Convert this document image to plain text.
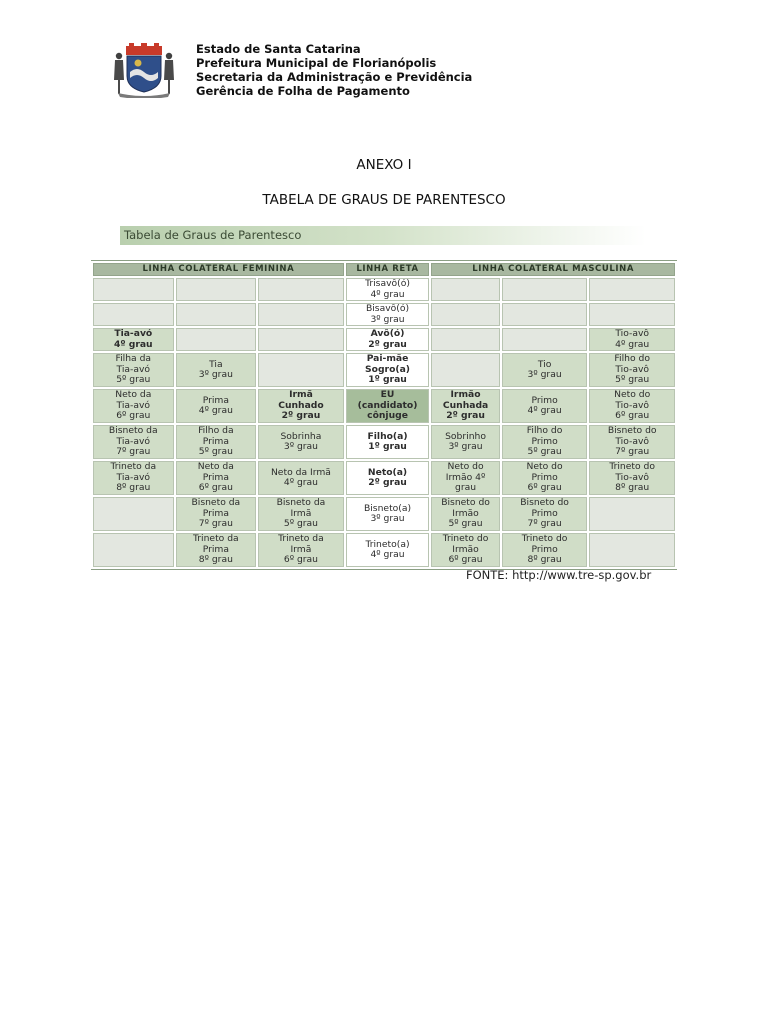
Estado de Santa Catarina
Prefeitura Municipal de Florianópolis
Secretaria da Administração e Previdência
Gerência de Folha de Pagamento
ANEXO I
TABELA DE GRAUS DE PARENTESCO
Tabela de Graus de Parentesco
LINHA COLATERAL FEMININA			LINHA RETA	LINHA COLATERAL MASCULINA		
			Trisavô(ó)
4º grau			
			Bisavô(ó)
3º grau			
Tia-avó
4º grau			Avô(ó)
2º grau			Tio-avô
4º grau
Filha da
Tia-avó
5º grau	Tia
3º grau		Pai-mãe
Sogro(a)
1º grau		Tio
3º grau	Filho do
Tio-avô
5º grau
Neto da
Tia-avó
6º grau	Prima
4º grau	Irmã
Cunhado
2º grau	EU
(candidato)
cônjuge	Irmão
Cunhada
2º grau	Primo
4º grau	Neto do
Tio-avô
6º grau
Bisneto da
Tia-avó
7º grau	Filho da
Prima
5º grau	Sobrinha
3º grau	Filho(a)
1º grau	Sobrinho
3º grau	Filho do
Primo
5º grau	Bisneto do
Tio-avô
7º grau
Trineto da
Tia-avó
8º grau	Neto da
Prima
6º grau	Neto da Irmã
4º grau	Neto(a)
2º grau	Neto do
Irmão 4º
grau	Neto do
Primo
6º grau	Trineto do
Tio-avô
8º grau
	Bisneto da
Prima
7º grau	Bisneto da
Irmã
5º grau	Bisneto(a)
3º grau	Bisneto do
Irmão
5º grau	Bisneto do
Primo
7º grau	
	Trineto da
Prima
8º grau	Trineto da
Irmã
6º grau	Trineto(a)
4º grau	Trineto do
Irmão
6º grau	Trineto do
Primo
8º grau	
FONTE: http://www.tre-sp.gov.br
